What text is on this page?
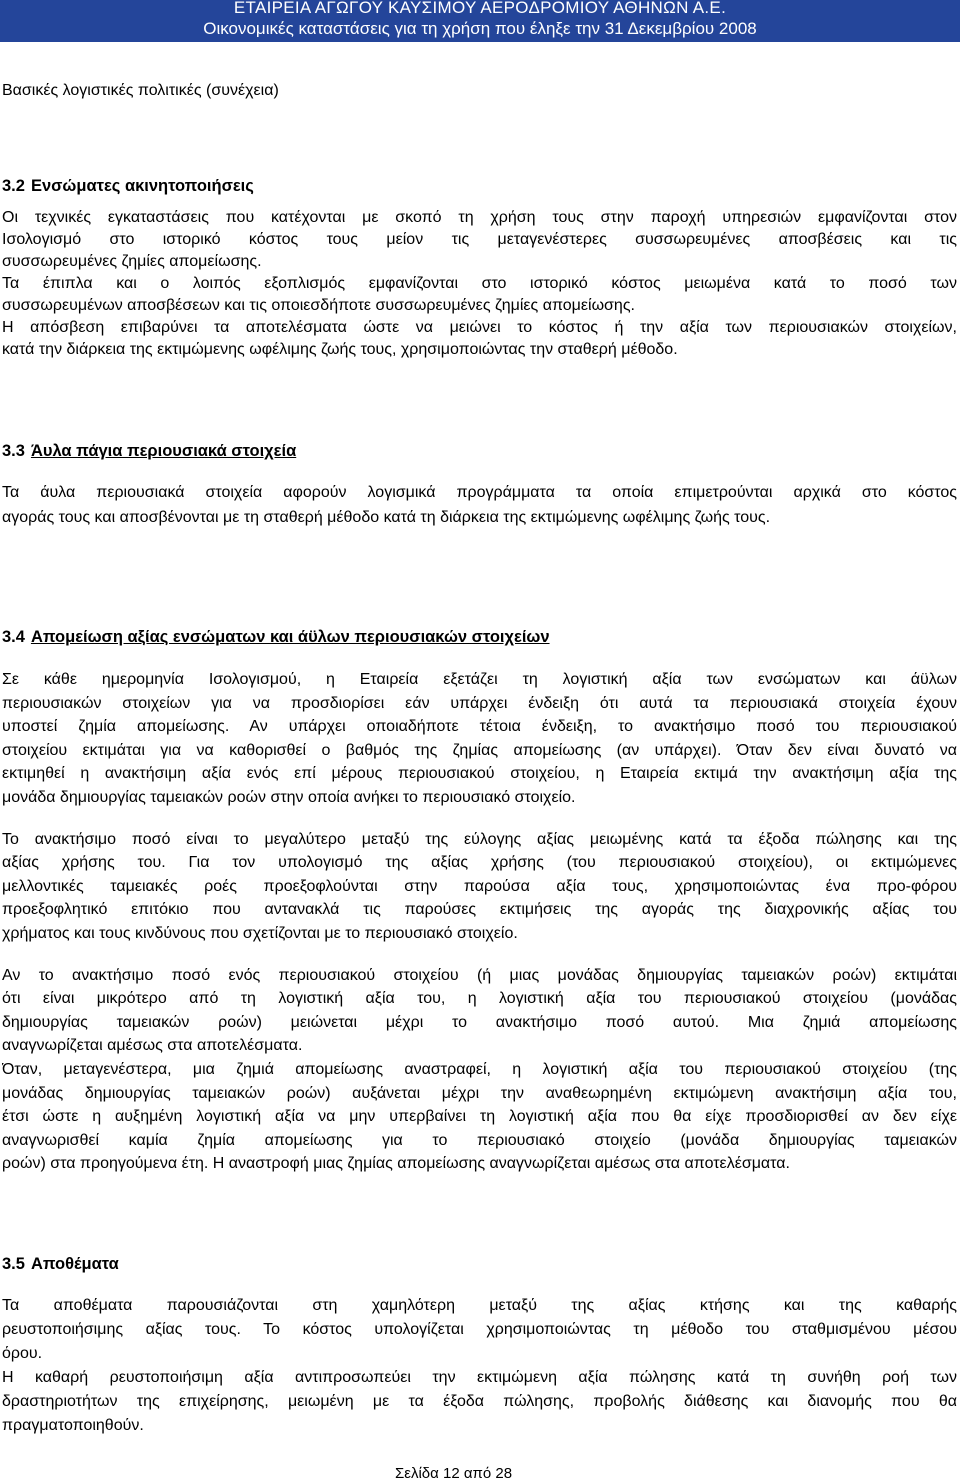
ΕΤΑΙΡΕΙΑ ΑΓΩΓΟΥ ΚΑΥΣΙΜΟΥ ΑΕΡΟΔΡΟΜΙΟΥ ΑΘΗΝΩΝ Α.Ε.
Οικονομικές καταστάσεις για τη χρήση που έληξε την 31 Δεκεμβρίου 2008
Βασικές λογιστικές πολιτικές (συνέχεια)
3.2 Ενσώματες ακινητοποιήσεις
Οι τεχνικές εγκαταστάσεις που κατέχονται με σκοπό τη χρήση τους στην παροχή υπηρεσιών εμφανίζονται στον
Ισολογισμό στο ιστορικό κόστος τους μείον τις μεταγενέστερες συσσωρευμένες αποσβέσεις και τις
συσσωρευμένες ζημίες απομείωσης.
Τα έπιπλα και ο λοιπός εξοπλισμός εμφανίζονται στο ιστορικό κόστος μειωμένα κατά το ποσό των
συσσωρευμένων αποσβέσεων και τις οποιεσδήποτε συσσωρευμένες ζημίες απομείωσης.
Η απόσβεση επιβαρύνει τα αποτελέσματα ώστε να μειώνει το κόστος ή την αξία των περιουσιακών στοιχείων,
κατά την διάρκεια της εκτιμώμενης ωφέλιμης ζωής τους, χρησιμοποιώντας την σταθερή μέθοδο.
3.3 Άυλα πάγια περιουσιακά στοιχεία
Τα άυλα περιουσιακά στοιχεία αφορούν λογισμικά προγράμματα τα οποία επιμετρούνται αρχικά στο κόστος
αγοράς τους και αποσβένονται με τη σταθερή μέθοδο κατά τη διάρκεια της εκτιμώμενης ωφέλιμης ζωής τους.
3.4 Απομείωση αξίας ενσώματων και άϋλων περιουσιακών στοιχείων
Σε κάθε ημερομηνία Ισολογισμού, η Εταιρεία εξετάζει τη λογιστική αξία των ενσώματων και άϋλων
περιουσιακών στοιχείων για να προσδιορίσει εάν υπάρχει ένδειξη ότι αυτά τα περιουσιακά στοιχεία έχουν
υποστεί ζημία απομείωσης. Αν υπάρχει οποιαδήποτε τέτοια ένδειξη, το ανακτήσιμο ποσό του περιουσιακού
στοιχείου εκτιμάται για να καθορισθεί ο βαθμός της ζημίας απομείωσης (αν υπάρχει). Όταν δεν είναι δυνατό να
εκτιμηθεί η ανακτήσιμη αξία ενός επί μέρους περιουσιακού στοιχείου, η Εταιρεία εκτιμά την ανακτήσιμη αξία της
μονάδα δημιουργίας ταμειακών ροών στην οποία ανήκει το περιουσιακό στοιχείο.
Το ανακτήσιμο ποσό είναι το μεγαλύτερο μεταξύ της εύλογης αξίας μειωμένης κατά τα έξοδα πώλησης και της
αξίας χρήσης του. Για τον υπολογισμό της αξίας χρήσης (του περιουσιακού στοιχείου), οι εκτιμώμενες
μελλοντικές ταμειακές ροές προεξοφλούνται στην παρούσα αξία τους, χρησιμοποιώντας ένα προ-φόρου
προεξοφλητικό επιτόκιο που αντανακλά τις παρούσες εκτιμήσεις της αγοράς της διαχρονικής αξίας του
χρήματος και τους κινδύνους που σχετίζονται με το περιουσιακό στοιχείο.
Αν το ανακτήσιμο ποσό ενός περιουσιακού στοιχείου (ή μιας μονάδας δημιουργίας ταμειακών ροών) εκτιμάται
ότι είναι μικρότερο από τη λογιστική αξία του, η λογιστική αξία του περιουσιακού στοιχείου (μονάδας
δημιουργίας ταμειακών ροών) μειώνεται μέχρι το ανακτήσιμο ποσό αυτού. Μια ζημιά απομείωσης
αναγνωρίζεται αμέσως στα αποτελέσματα.
Όταν, μεταγενέστερα, μια ζημιά απομείωσης αναστραφεί, η λογιστική αξία του περιουσιακού στοιχείου (της
μονάδας δημιουργίας ταμειακών ροών) αυξάνεται μέχρι την αναθεωρημένη εκτιμώμενη ανακτήσιμη αξία του,
έτσι ώστε η αυξημένη λογιστική αξία να μην υπερβαίνει τη λογιστική αξία που θα είχε προσδιορισθεί αν δεν είχε
αναγνωρισθεί καμία ζημία απομείωσης για το περιουσιακό στοιχείο (μονάδα δημιουργίας ταμειακών
ροών) στα προηγούμενα έτη. Η αναστροφή μιας ζημίας απομείωσης αναγνωρίζεται αμέσως στα αποτελέσματα.
3.5 Αποθέματα
Τα αποθέματα παρουσιάζονται στη χαμηλότερη μεταξύ της αξίας κτήσης και της καθαρής
ρευστοποιήσιμης αξίας τους. Το κόστος υπολογίζεται χρησιμοποιώντας τη μέθοδο του σταθμισμένου μέσου
όρου.
Η καθαρή ρευστοποιήσιμη αξία αντιπροσωπεύει την εκτιμώμενη αξία πώλησης κατά τη συνήθη ροή των
δραστηριοτήτων της επιχείρησης, μειωμένη με τα έξοδα πώλησης, προβολής διάθεσης και διανομής που θα
πραγματοποιηθούν.
Σελίδα 12 από 28
